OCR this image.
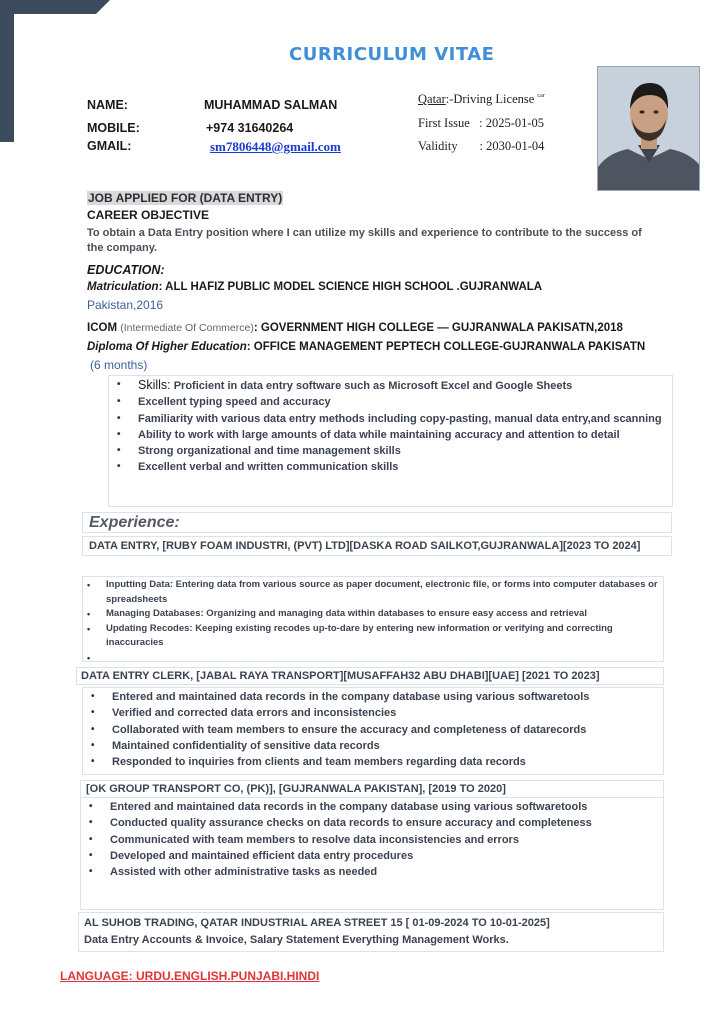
CURRICULUM VITAE
NAME:	MUHAMMAD SALMAN
MOBILE:	+974 31640264
GMAIL:	sm7806448@gmail.com
Qatar:-Driving License $^{car}$
First Issue : 2025-01-05
Validity : 2030-01-04
JOB APPLIED FOR (DATA ENTRY)
CAREER OBJECTIVE
To obtain a Data Entry position where I can utilize my skills and experience to contribute to the success of the company.
EDUCATION:
Matriculation: ALL HAFIZ PUBLIC MODEL SCIENCE HIGH SCHOOL .GUJRANWALA
Pakistan,2016
ICOM (Intermediate Of Commerce): GOVERNMENT HIGH COLLEGE — GUJRANWALA PAKISATN,2018
Diploma Of Higher Education: OFFICE MANAGEMENT PEPTECH COLLEGE-GUJRANWALA PAKISATN
(6 months)
• Skills: Proficient in data entry software such as Microsoft Excel and Google Sheets
• Excellent typing speed and accuracy
• Familiarity with various data entry methods including copy-pasting, manual data entry,and scanning
• Ability to work with large amounts of data while maintaining accuracy and attention to detail
• Strong organizational and time management skills
• Excellent verbal and written communication skills
Experience:
DATA ENTRY, [RUBY FOAM INDUSTRI, (PVT) LTD][DASKA ROAD SAILKOT,GUJRANWALA][2023 TO 2024]
• Inputting Data: Entering data from various source as paper document, electronic file, or forms into computer databases or spreadsheets
• Managing Databases: Organizing and managing data within databases to ensure easy access and retrieval
• Updating Recodes: Keeping existing recodes up-to-dare by entering new information or verifying and correcting inaccuracies
DATA ENTRY CLERK, [JABAL RAYA TRANSPORT][MUSAFFAH32 ABU DHABI][UAE] [2021 TO 2023]
• Entered and maintained data records in the company database using various softwaretools
• Verified and corrected data errors and inconsistencies
• Collaborated with team members to ensure the accuracy and completeness of datarecords
• Maintained confidentiality of sensitive data records
• Responded to inquiries from clients and team members regarding data records
[OK GROUP TRANSPORT CO, (PK)], [GUJRANWALA PAKISTAN], [2019 TO 2020]
• Entered and maintained data records in the company database using various softwaretools
• Conducted quality assurance checks on data records to ensure accuracy and completeness
• Communicated with team members to resolve data inconsistencies and errors
• Developed and maintained efficient data entry procedures
• Assisted with other administrative tasks as needed
AL SUHOB TRADING, QATAR INDUSTRIAL AREA STREET 15 [ 01-09-2024 TO 10-01-2025]
Data Entry Accounts & Invoice, Salary Statement Everything Management Works.
LANGUAGE: URDU.ENGLISH.PUNJABI.HINDI
